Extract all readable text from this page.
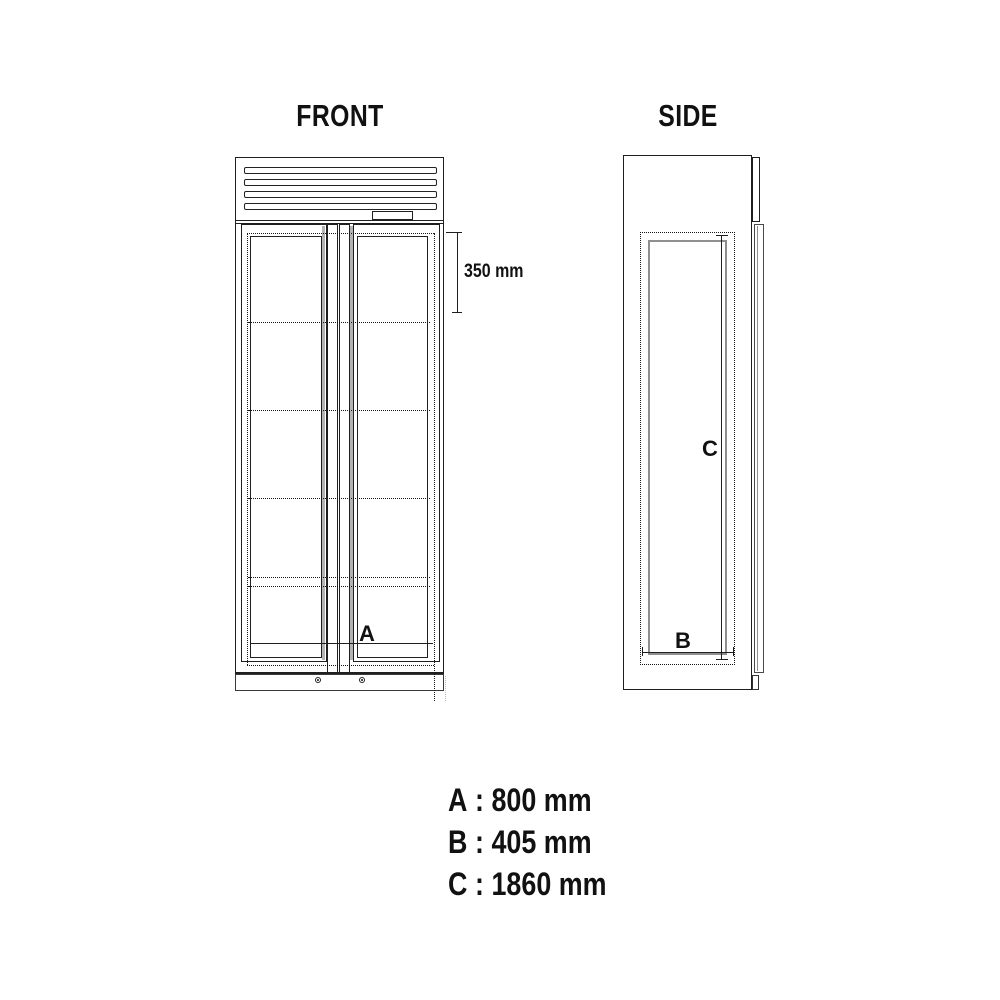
FRONT	SIDE
A
350 mm
C
B
A : 800 mm
B : 405 mm
C : 1860 mm
